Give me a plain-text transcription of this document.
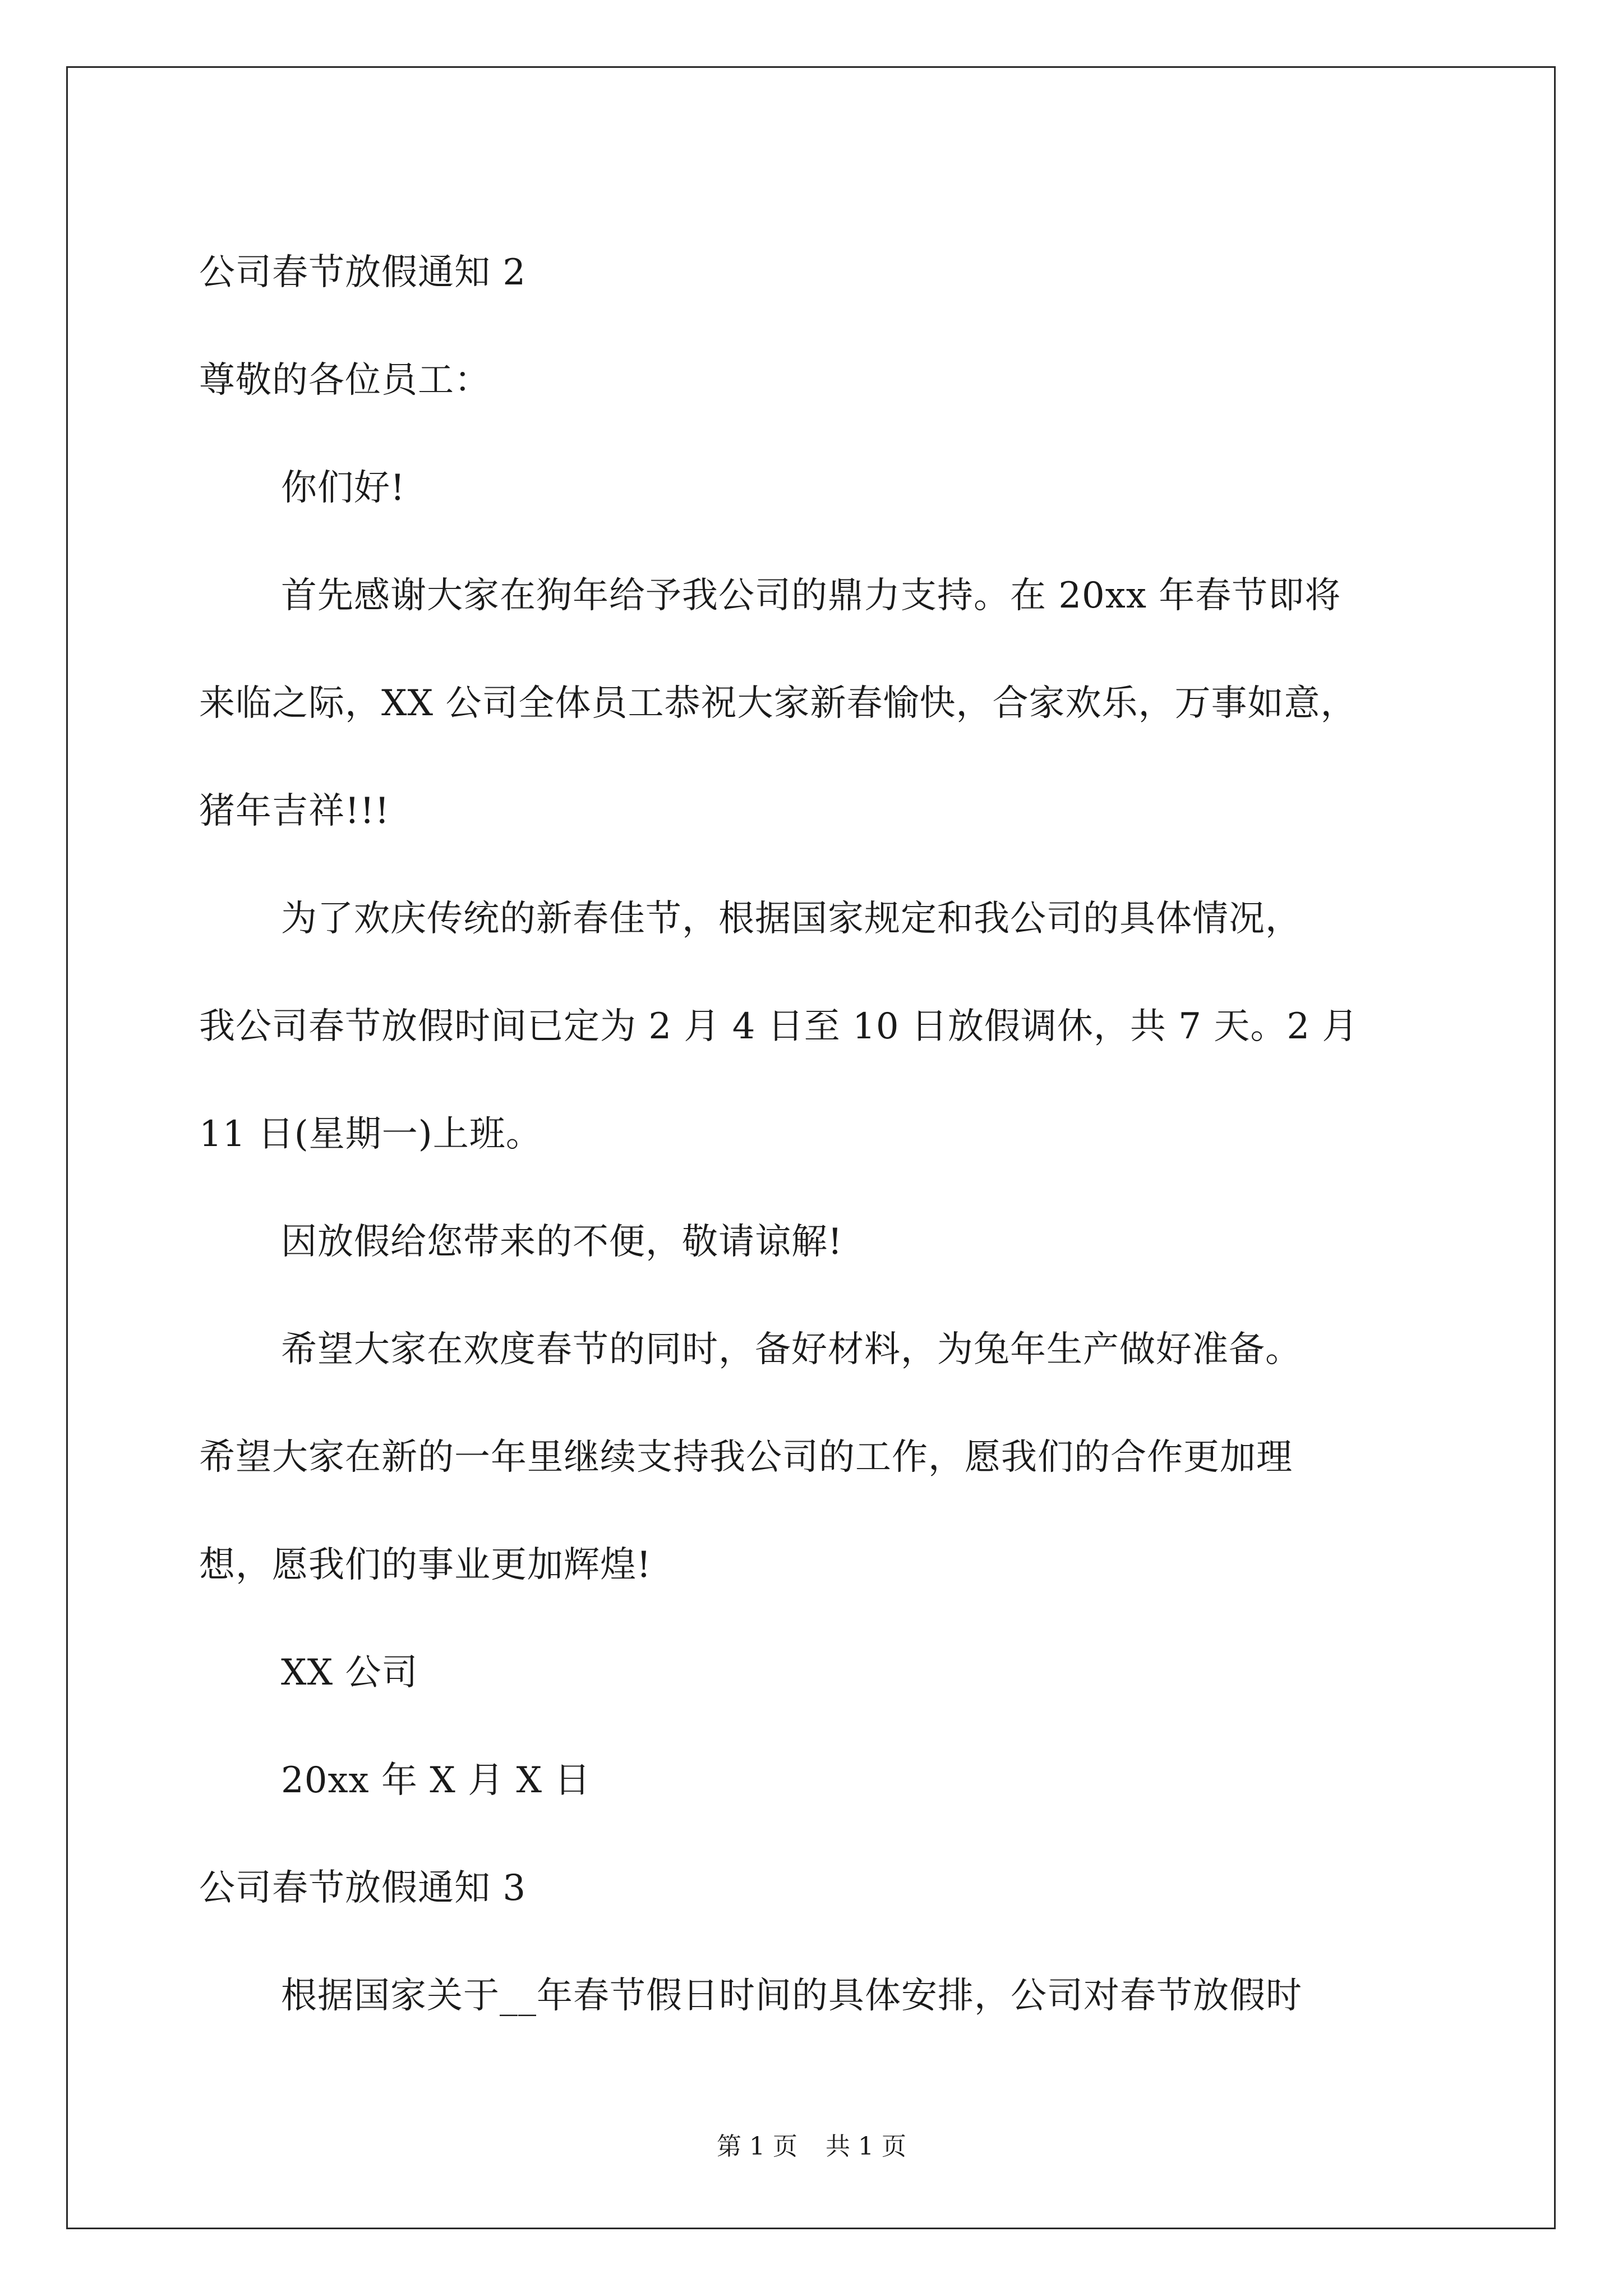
公司春节放假通知 2
尊敬的各位员工：
你们好!
首先感谢大家在狗年给予我公司的鼎力支持。在 20xx 年春节即将
来临之际，XX 公司全体员工恭祝大家新春愉快，合家欢乐，万事如意，
猪年吉祥!!!
为了欢庆传统的新春佳节，根据国家规定和我公司的具体情况，
我公司春节放假时间已定为 2 月 4 日至 10 日放假调休，共 7 天。2 月
11 日(星期一)上班。
因放假给您带来的不便，敬请谅解!
希望大家在欢度春节的同时，备好材料，为兔年生产做好准备。
希望大家在新的一年里继续支持我公司的工作，愿我们的合作更加理
想，愿我们的事业更加辉煌!
XX 公司
20xx 年 X 月 X 日
公司春节放假通知 3
根据国家关于__年春节假日时间的具体安排，公司对春节放假时
第 1 页 共 1 页
